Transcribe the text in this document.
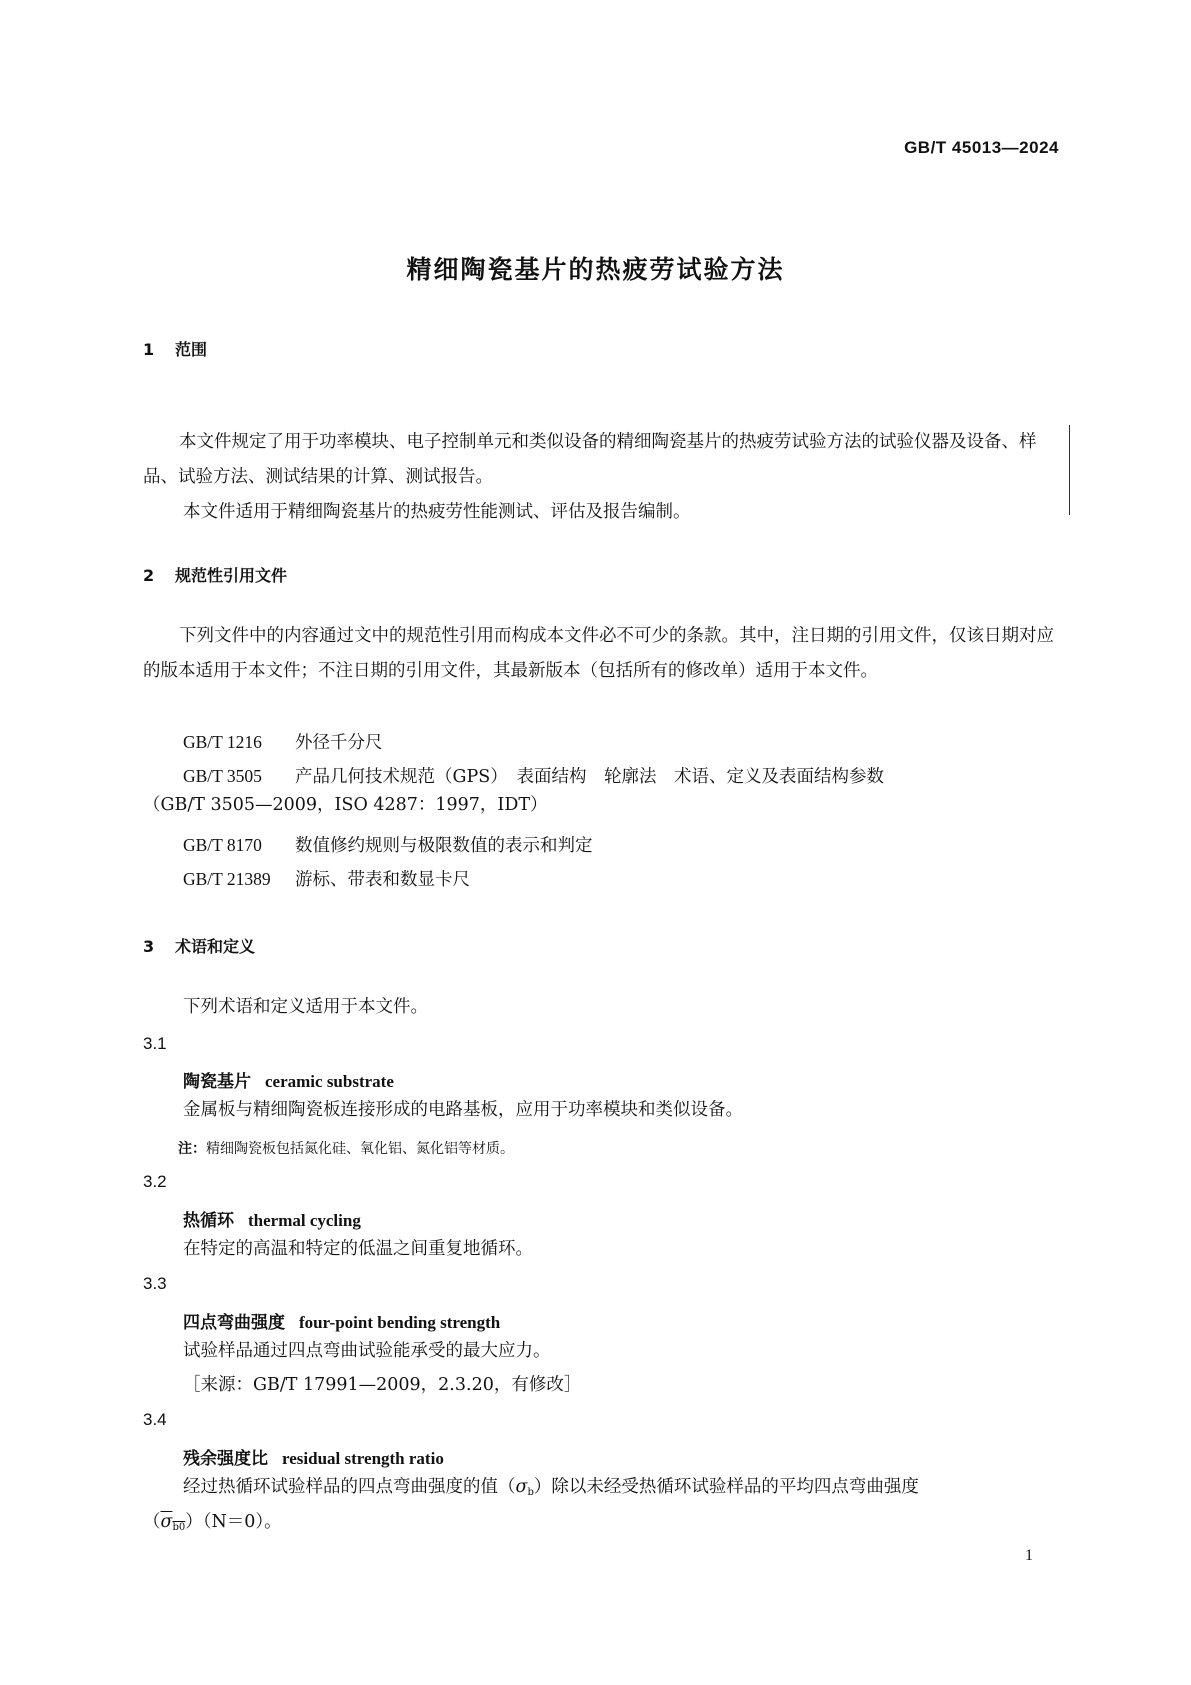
GB/T 45013—2024
精细陶瓷基片的热疲劳试验方法
1 范围
本文件规定了用于功率模块、电子控制单元和类似设备的精细陶瓷基片的热疲劳试验方法的试验仪器及设备、样品、试验方法、测试结果的计算、测试报告。
本文件适用于精细陶瓷基片的热疲劳性能测试、评估及报告编制。
2 规范性引用文件
下列文件中的内容通过文中的规范性引用而构成本文件必不可少的条款。其中，注日期的引用文件，仅该日期对应的版本适用于本文件；不注日期的引用文件，其最新版本（包括所有的修改单）适用于本文件。
GB/T 1216 外径千分尺
GB/T 3505 产品几何技术规范（GPS）　表面结构　轮廓法　术语、定义及表面结构参数
（GB/T 3505—2009，ISO 4287：1997，IDT）
GB/T 8170 数值修约规则与极限数值的表示和判定
GB/T 21389 游标、带表和数显卡尺
3 术语和定义
下列术语和定义适用于本文件。
3.1
陶瓷基片 ceramic substrate
金属板与精细陶瓷板连接形成的电路基板，应用于功率模块和类似设备。
注：精细陶瓷板包括氮化硅、氧化铝、氮化铝等材质。
3.2
热循环 thermal cycling
在特定的高温和特定的低温之间重复地循环。
3.3
四点弯曲强度 four-point bending strength
试验样品通过四点弯曲试验能承受的最大应力。
［来源：GB/T 17991—2009，2.3.20，有修改］
3.4
残余强度比 residual strength ratio
经过热循环试验样品的四点弯曲强度的值$(\sigma_b)$除以未经受热循环试验样品的平均四点弯曲强度
$(\sigma_{b0})(N=0)$。
1
